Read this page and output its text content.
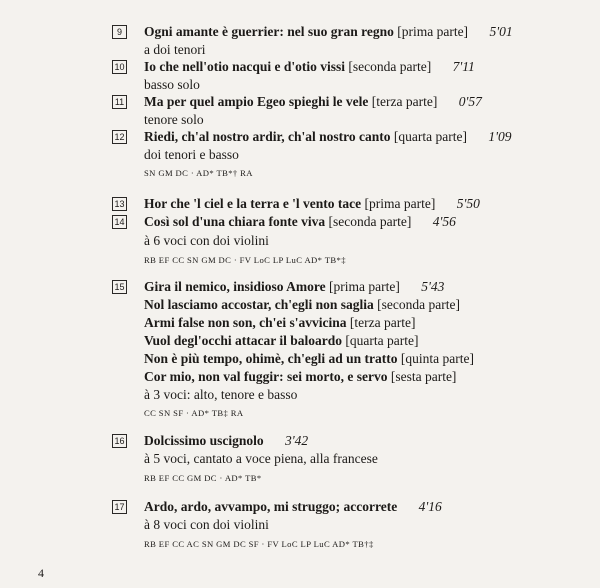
9	Ogni amante è guerrier: nel suo gran regno [prima parte] 5'01
a doi tenori
10 Io che nell'otio nacqui e d'otio vissi [seconda parte] 7'11
basso solo
11 Ma per quel ampio Egeo spieghi le vele [terza parte] 0'57
tenore solo
12 Riedi, ch'al nostro ardir, ch'al nostro canto [quarta parte] 1'09
doi tenori e basso
SN GM DC · AD* TB*† RA
13 Hor che 'l ciel e la terra e 'l vento tace [prima parte] 5'50
14 Così sol d'una chiara fonte viva [seconda parte] 4'56
à 6 voci con doi violini
RB EF CC SN GM DC · FV LoC LP LuC AD* TB*‡
15 Gira il nemico, insidioso Amore [prima parte] 5'43
Nol lasciamo accostar, ch'egli non saglia [seconda parte]
Armi false non son, ch'ei s'avvicina [terza parte]
Vuol degl'occhi attacar il baloardo [quarta parte]
Non è più tempo, ohimè, ch'egli ad un tratto [quinta parte]
Cor mio, non val fuggir: sei morto, e servo [sesta parte]
à 3 voci: alto, tenore e basso
CC SN SF · AD* TB‡ RA
16 Dolcissimo uscignolo 3'42
à 5 voci, cantato a voce piena, alla francese
RB EF CC GM DC · AD* TB*
17 Ardo, ardo, avvampo, mi struggo; accorrete 4'16
à 8 voci con doi violini
RB EF CC AC SN GM DC SF · FV LoC LP LuC AD* TB†‡
4
